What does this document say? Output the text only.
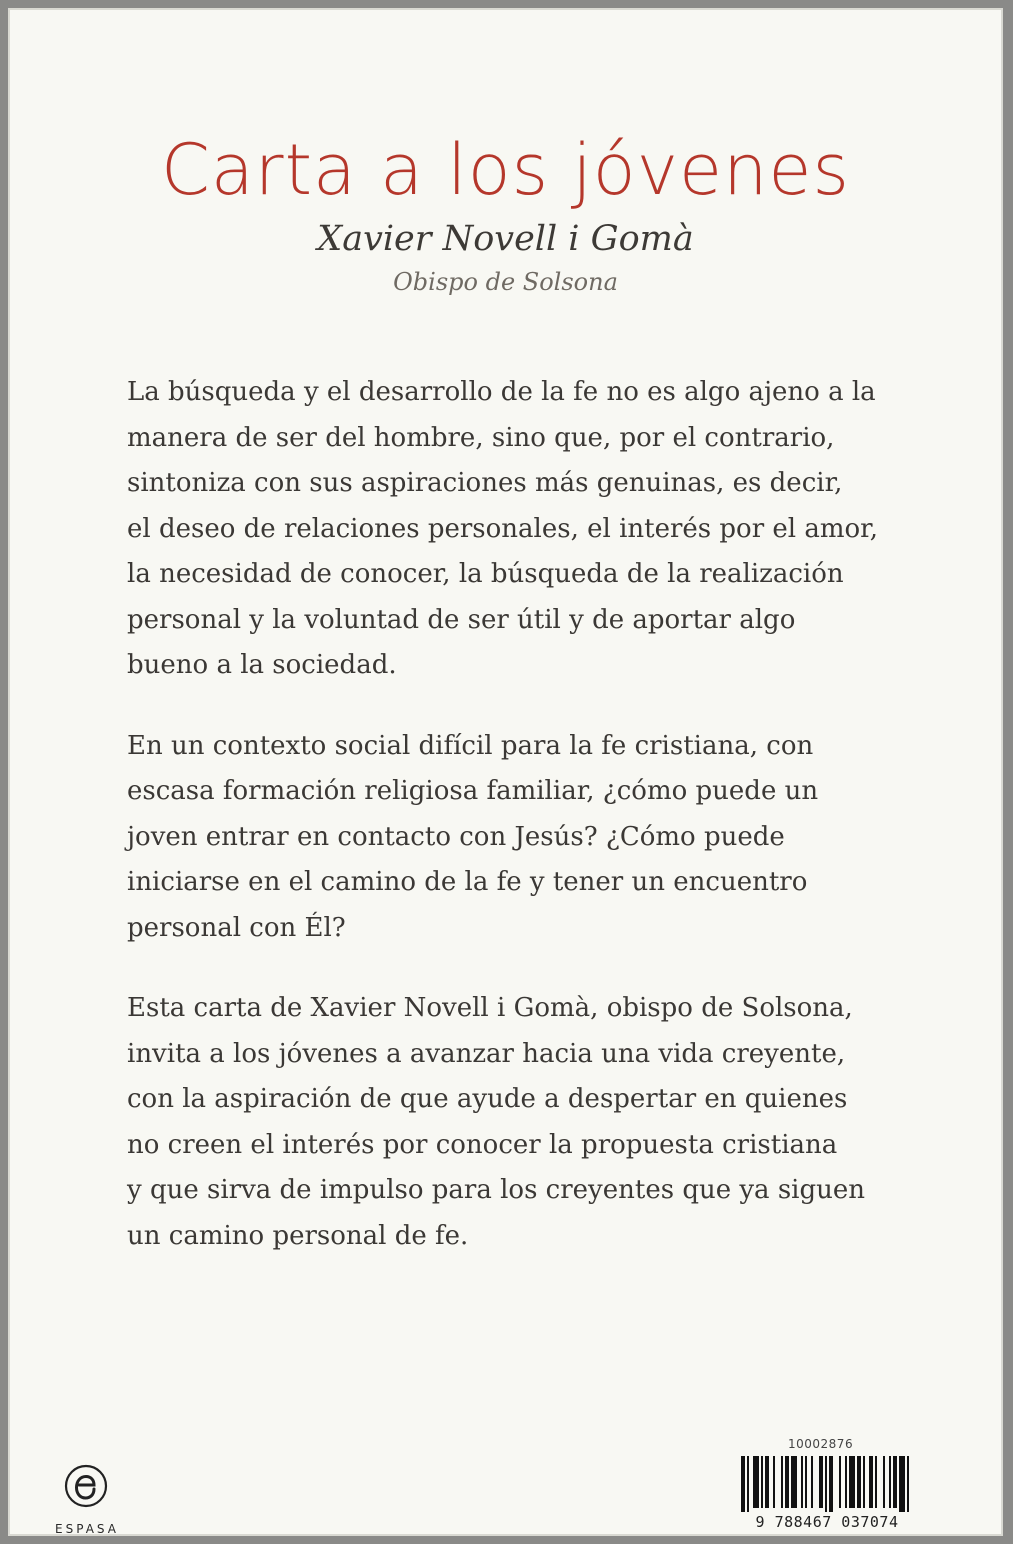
Carta a los jóvenes
Xavier Novell i Gomà
Obispo de Solsona

La búsqueda y el desarrollo de la fe no es algo ajeno a la
manera de ser del hombre, sino que, por el contrario,
sintoniza con sus aspiraciones más genuinas, es decir,
el deseo de relaciones personales, el interés por el amor,
la necesidad de conocer, la búsqueda de la realización
personal y la voluntad de ser útil y de aportar algo
bueno a la sociedad.

En un contexto social difícil para la fe cristiana, con
escasa formación religiosa familiar, ¿cómo puede un
joven entrar en contacto con Jesús? ¿Cómo puede
iniciarse en el camino de la fe y tener un encuentro
personal con Él?

Esta carta de Xavier Novell i Gomà, obispo de Solsona,
invita a los jóvenes a avanzar hacia una vida creyente,
con la aspiración de que ayude a despertar en quienes
no creen el interés por conocer la propuesta cristiana
y que sirva de impulso para los creyentes que ya siguen
un camino personal de fe.

ESPASA
10002876
9 788467 037074
